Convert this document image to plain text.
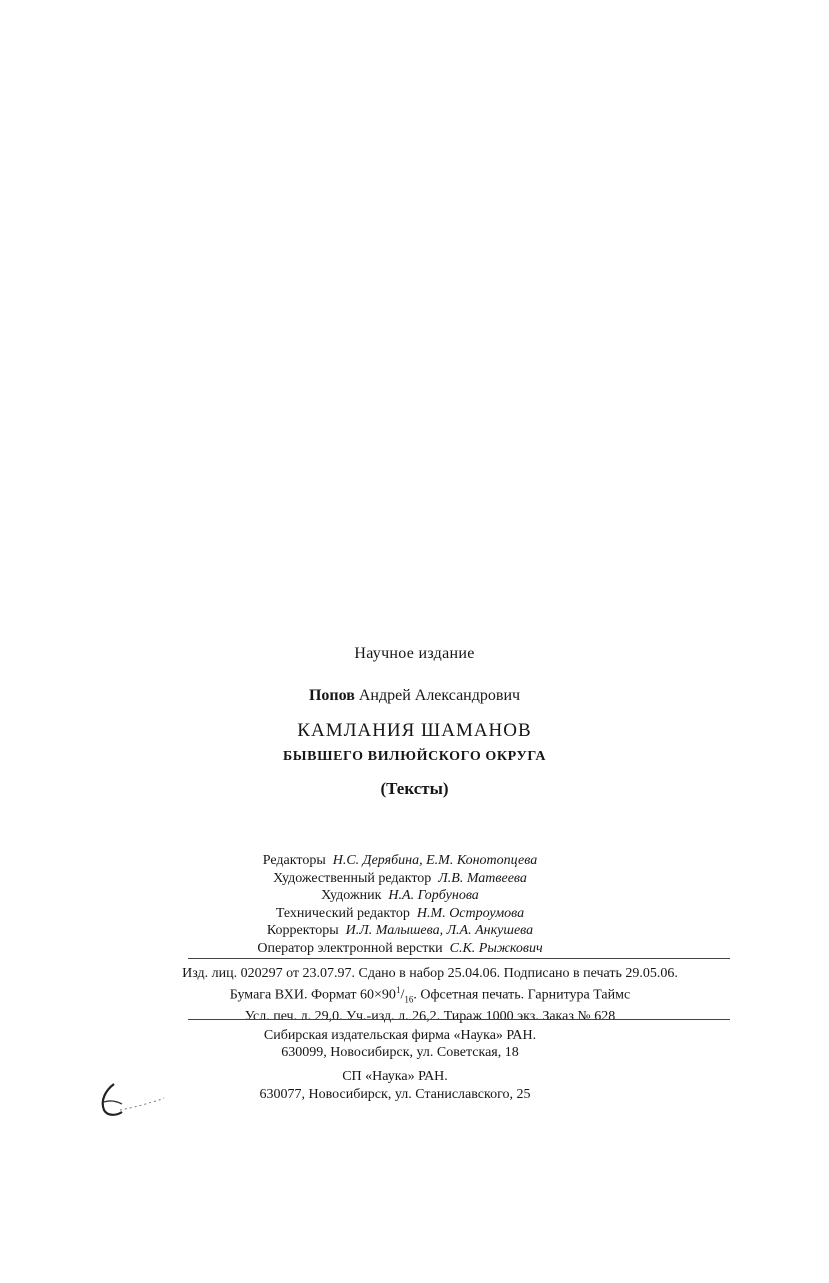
Научное издание
Попов Андрей Александрович
КАМЛАНИЯ ШАМАНОВ
БЫВШЕГО ВИЛЮЙСКОГО ОКРУГА
(Тексты)
Редакторы Н.С. Дерябина, Е.М. Конотопцева
Художественный редактор Л.В. Матвеева
Художник Н.А. Горбунова
Технический редактор Н.М. Остроумова
Корректоры И.Л. Малышева, Л.А. Анкушева
Оператор электронной верстки С.К. Рыжкович
Изд. лиц. 020297 от 23.07.97. Сдано в набор 25.04.06. Подписано в печать 29.05.06.
Бумага ВХИ. Формат $60\times 90^1/_{16}$. Офсетная печать. Гарнитура Таймс
Усл. печ. л. 29,0. Уч.-изд. л. 26,2. Тираж 1000 экз. Заказ № 628
Сибирская издательская фирма «Наука» РАН.
630099, Новосибирск, ул. Советская, 18
СП «Наука» РАН.
630077, Новосибирск, ул. Станиславского, 25
